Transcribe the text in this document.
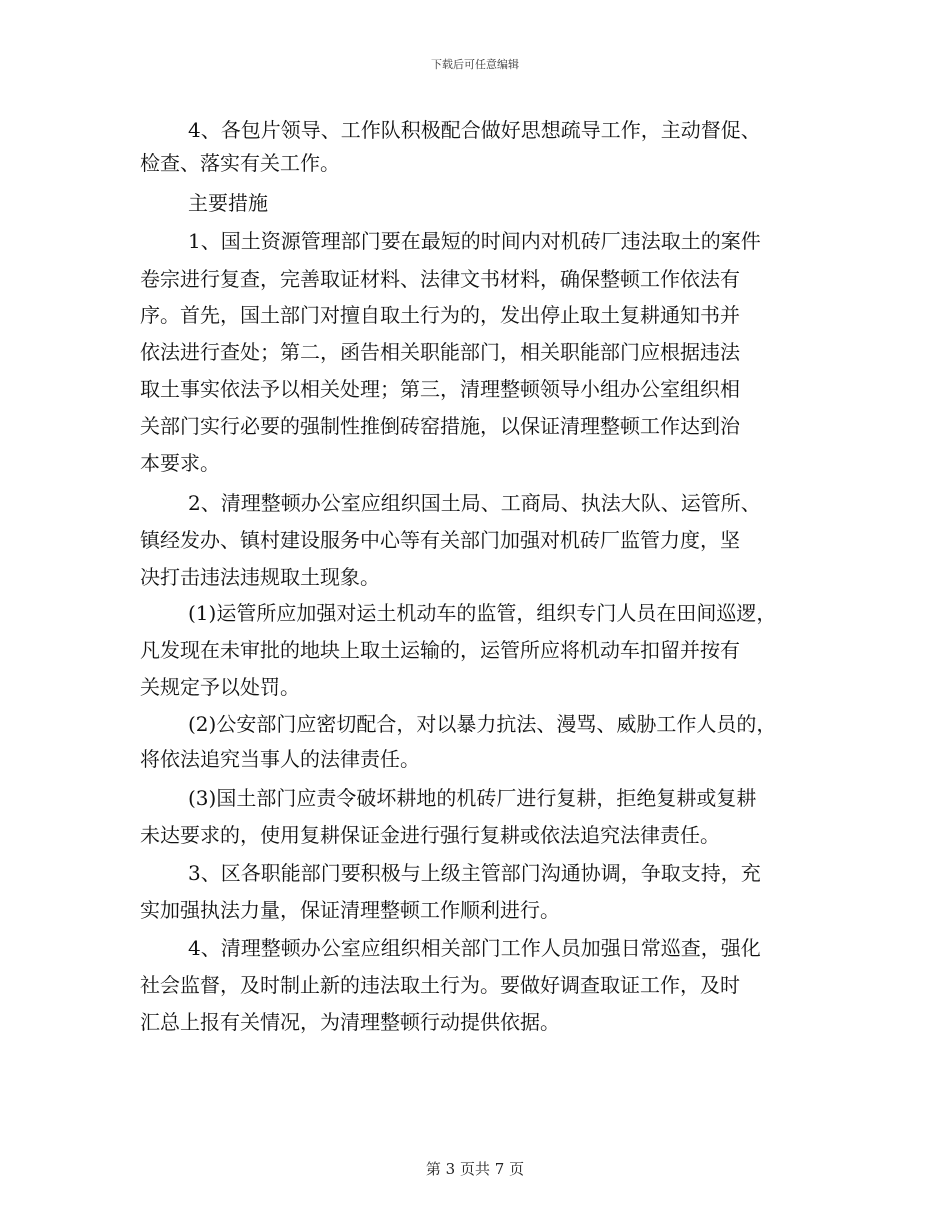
下载后可任意编辑
4、各包片领导、工作队积极配合做好思想疏导工作，主动督促、
检查、落实有关工作。
主要措施
1、国土资源管理部门要在最短的时间内对机砖厂违法取土的案件
卷宗进行复查，完善取证材料、法律文书材料，确保整顿工作依法有
序。首先，国土部门对擅自取土行为的，发出停止取土复耕通知书并
依法进行查处；第二，函告相关职能部门，相关职能部门应根据违法
取土事实依法予以相关处理；第三，清理整顿领导小组办公室组织相
关部门实行必要的强制性推倒砖窑措施，以保证清理整顿工作达到治
本要求。
2、清理整顿办公室应组织国土局、工商局、执法大队、运管所、
镇经发办、镇村建设服务中心等有关部门加强对机砖厂监管力度，坚
决打击违法违规取土现象。
(1)运管所应加强对运土机动车的监管，组织专门人员在田间巡逻，
凡发现在未审批的地块上取土运输的，运管所应将机动车扣留并按有
关规定予以处罚。
(2)公安部门应密切配合，对以暴力抗法、漫骂、威胁工作人员的，
将依法追究当事人的法律责任。
(3)国土部门应责令破坏耕地的机砖厂进行复耕，拒绝复耕或复耕
未达要求的，使用复耕保证金进行强行复耕或依法追究法律责任。
3、区各职能部门要积极与上级主管部门沟通协调，争取支持，充
实加强执法力量，保证清理整顿工作顺利进行。
4、清理整顿办公室应组织相关部门工作人员加强日常巡查，强化
社会监督，及时制止新的违法取土行为。要做好调查取证工作，及时
汇总上报有关情况，为清理整顿行动提供依据。
第 3 页共 7 页
